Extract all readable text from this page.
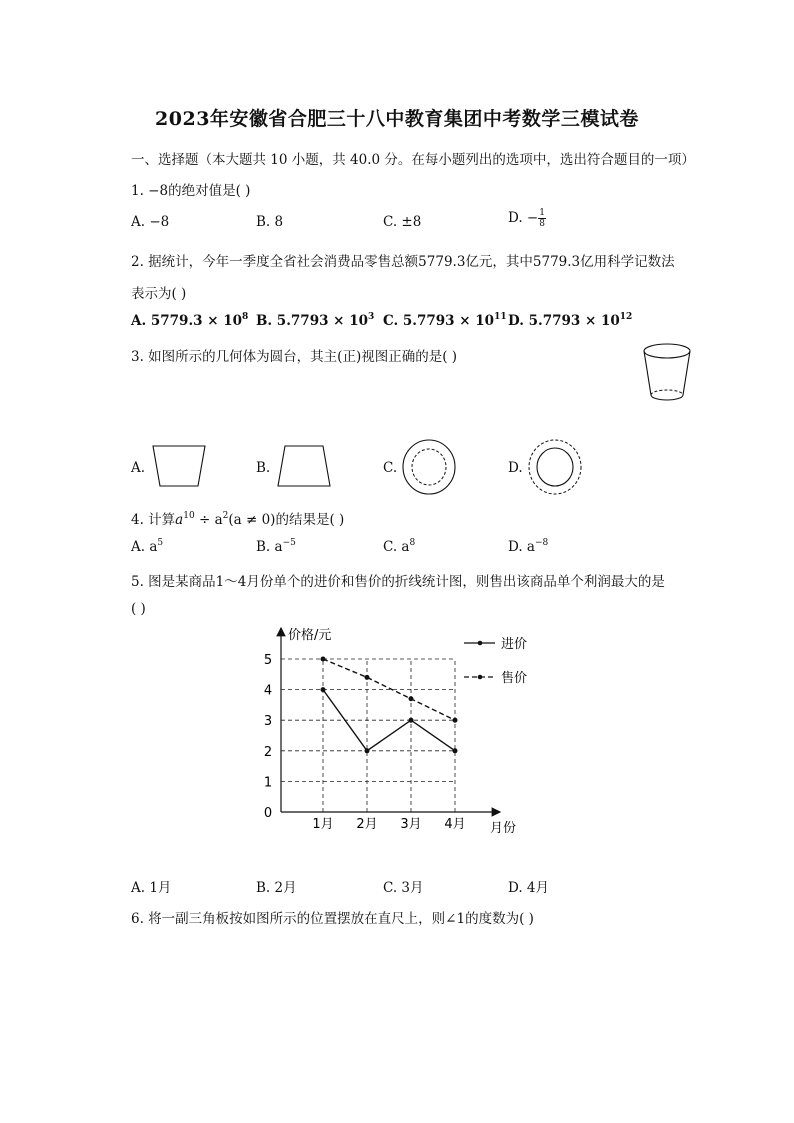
2023年安徽省合肥三十八中教育集团中考数学三模试卷
一、选择题（本大题共 10 小题，共 40.0 分。在每小题列出的选项中，选出符合题目的一项）
1. −8的绝对值是( )
A. −8	B. 8	C. ±8	D. − $\frac{1}{8}$
2. 据统计，今年一季度全省社会消费品零售总额5779.3亿元，其中5779.3亿用科学记数法
表示为( )
A. $5779.3 \times 10^8$ B. $5.7793 \times 10^3$ C. $5.7793 \times 10^{11}$ D. $5.7793 \times 10^{12}$
3. 如图所示的几何体为圆台，其主(正)视图正确的是( )
A.	B.	C.	D.
4. 计算$a^{10} \div a^2(a \ne 0)$的结果是( )
A. $a^5$	B. $a^{-5}$	C. $a^8$	D. $a^{-8}$
5. 图是某商品1～4月份单个的进价和售价的折线统计图，则售出该商品单个利润最大的是
( )
价格/元
月份
0
1
2
3
4
5
1月 2月 3月 4月
进价
售价
A. 1月	B. 2月	C. 3月	D. 4月
6. 将一副三角板按如图所示的位置摆放在直尺上，则∠1的度数为( )
